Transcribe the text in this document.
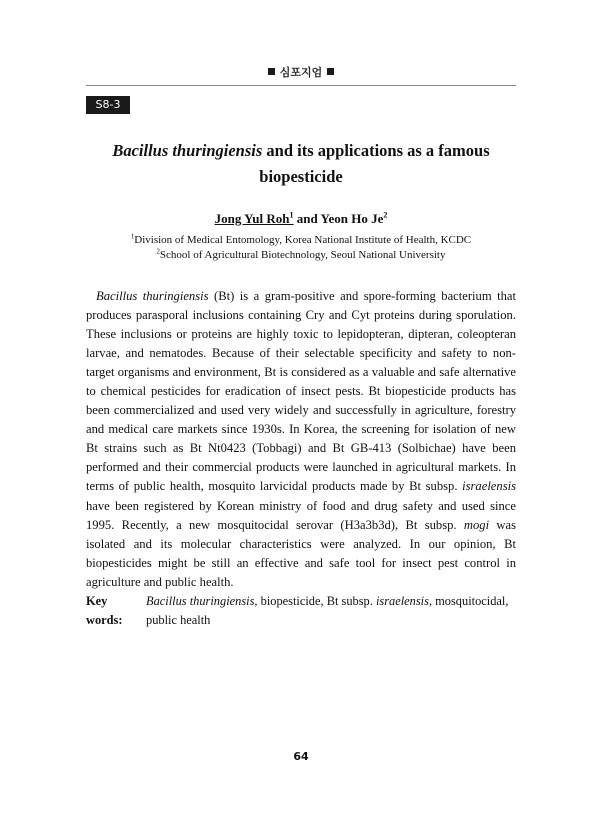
심포지엄
S8-3
Bacillus thuringiensis and its applications as a famous
biopesticide
Jong Yul Roh$^1$ and Yeon Ho Je$^2$
$^1$Division of Medical Entomology, Korea National Institute of Health, KCDC
$^2$School of Agricultural Biotechnology, Seoul National University
Bacillus thuringiensis (Bt) is a gram-positive and spore-forming bacterium that produces parasporal inclusions containing Cry and Cyt proteins during sporulation. These inclusions or proteins are highly toxic to lepidopteran, dipteran, coleopteran larvae, and nematodes. Because of their selectable specificity and safety to non-target organisms and environment, Bt is considered as a valuable and safe alternative to chemical pesticides for eradication of insect pests. Bt biopesticide products has been commercialized and used very widely and successfully in agriculture, forestry and medical care markets since 1930s. In Korea, the screening for isolation of new Bt strains such as Bt Nt0423 (Tobbagi) and Bt GB-413 (Solbichae) have been performed and their commercial products were launched in agricultural markets. In terms of public health, mosquito larvicidal products made by Bt subsp. israelensis have been registered by Korean ministry of food and drug safety and used since 1995. Recently, a new mosquitocidal serovar (H3a3b3d), Bt subsp. mogi was isolated and its molecular characteristics were analyzed. In our opinion, Bt biopesticides might be still an effective and safe tool for insect pest control in agriculture and public health.
Key words:
Bacillus thuringiensis, biopesticide, Bt subsp. israelensis, mosquitocidal, public health
64
